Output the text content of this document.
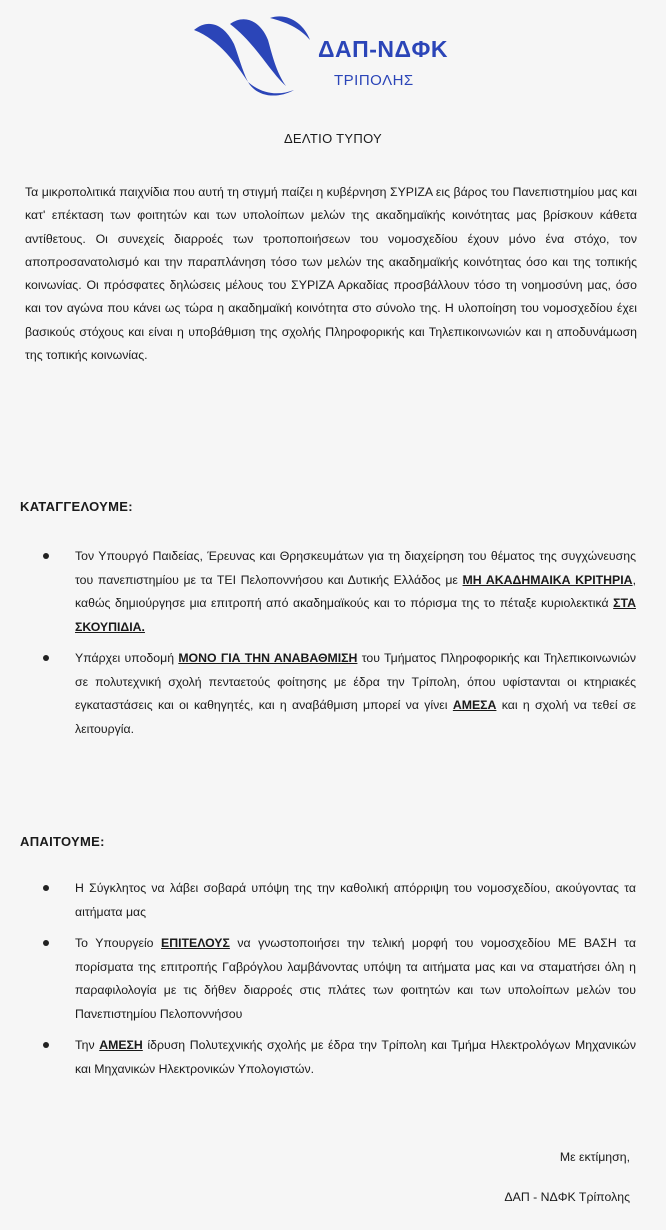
ΔΑΠ-ΝΔΦΚ
ΤΡΙΠΟΛΗΣ
ΔΕΛΤΙΟ ΤΥΠΟΥ
Τα μικροπολιτικά παιχνίδια που αυτή τη στιγμή παίζει η κυβέρνηση ΣΥΡΙΖΑ εις βάρος του Πανεπιστημίου μας και κατ' επέκταση των φοιτητών και των υπολοίπων μελών της ακαδημαϊκής κοινότητας μας βρίσκουν κάθετα αντίθετους. Οι συνεχείς διαρροές των τροποποιήσεων του νομοσχεδίου έχουν μόνο ένα στόχο, τον αποπροσανατολισμό και την παραπλάνηση τόσο των μελών της ακαδημαϊκής κοινότητας όσο και της τοπικής κοινωνίας. Οι πρόσφατες δηλώσεις μέλους του ΣΥΡΙΖΑ Αρκαδίας προσβάλλουν τόσο τη νοημοσύνη μας, όσο και τον αγώνα που κάνει ως τώρα η ακαδημαϊκή κοινότητα στο σύνολο της. Η υλοποίηση του νομοσχεδίου έχει βασικούς στόχους και είναι η υποβάθμιση της σχολής Πληροφορικής και Τηλεπικοινωνιών και η αποδυνάμωση της τοπικής κοινωνίας.
ΚΑΤΑΓΓΕΛΟΥΜΕ:
Τον Υπουργό Παιδείας, Έρευνας και Θρησκευμάτων για τη διαχείρηση του θέματος της συγχώνευσης του πανεπιστημίου με τα ΤΕΙ Πελοποννήσου και Δυτικής Ελλάδος με ΜΗ ΑΚΑΔΗΜΑΙΚΑ ΚΡΙΤΗΡΙΑ, καθώς δημιούργησε μια επιτροπή από ακαδημαϊκούς και το πόρισμα της το πέταξε κυριολεκτικά ΣΤΑ ΣΚΟΥΠΙΔΙΑ.
Υπάρχει υποδομή ΜΟΝΟ ΓΙΑ ΤΗΝ ΑΝΑΒΑΘΜΙΣΗ του Τμήματος Πληροφορικής και Τηλεπικοινωνιών σε πολυτεχνική σχολή πενταετούς φοίτησης με έδρα την Τρίπολη, όπου υφίστανται οι κτηριακές εγκαταστάσεις και οι καθηγητές, και η αναβάθμιση μπορεί να γίνει ΑΜΕΣΑ και η σχολή να τεθεί σε λειτουργία.
ΑΠΑΙΤΟΥΜΕ:
Η Σύγκλητος να λάβει σοβαρά υπόψη της την καθολική απόρριψη του νομοσχεδίου, ακούγοντας τα αιτήματα μας
Το Υπουργείο ΕΠΙΤΕΛΟΥΣ να γνωστοποιήσει την τελική μορφή του νομοσχεδίου ΜΕ ΒΑΣΗ τα πορίσματα της επιτροπής Γαβρόγλου λαμβάνοντας υπόψη τα αιτήματα μας και να σταματήσει όλη η παραφιλολογία με τις δήθεν διαρροές στις πλάτες των φοιτητών και των υπολοίπων μελών του Πανεπιστημίου Πελοποννήσου
Την ΑΜΕΣΗ ίδρυση Πολυτεχνικής σχολής με έδρα την Τρίπολη και Τμήμα Ηλεκτρολόγων Μηχανικών και Μηχανικών Ηλεκτρονικών Υπολογιστών.
Με εκτίμηση,
ΔΑΠ - ΝΔΦΚ Τρίπολης
